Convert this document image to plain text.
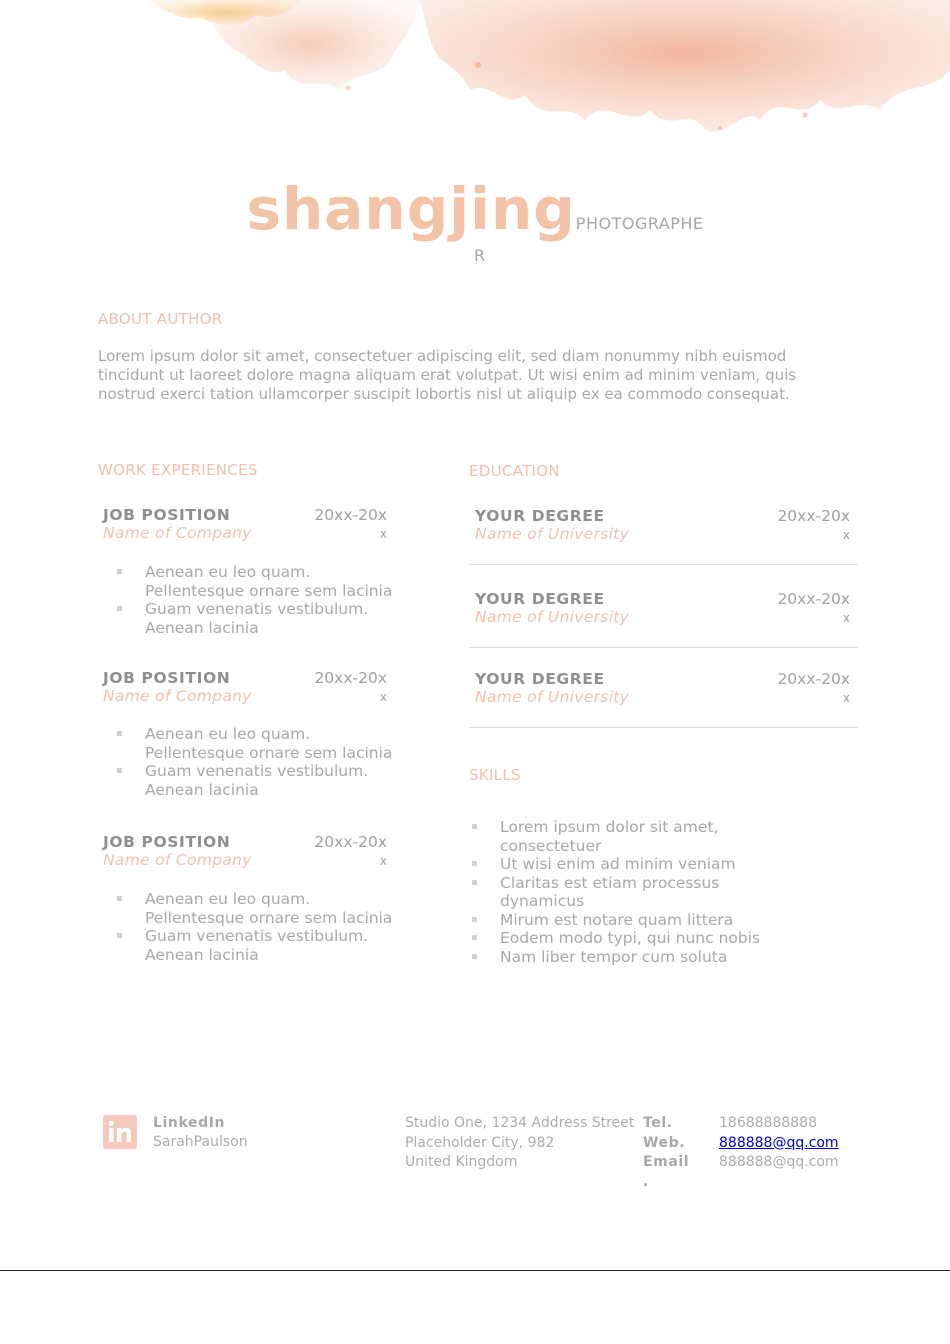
shangjingPHOTOGRAPHE
R
ABOUT AUTHOR
Lorem ipsum dolor sit amet, consectetuer adipiscing elit, sed diam nonummy nibh euismod
tincidunt ut laoreet dolore magna aliquam erat volutpat. Ut wisi enim ad minim veniam, quis
nostrud exerci tation ullamcorper suscipit lobortis nisl ut aliquip ex ea commodo consequat.
WORK EXPERIENCES
JOB POSITION
Name of Company
20xx-20x
x
Aenean eu leo quam. Pellentesque ornare sem lacinia
Guam venenatis vestibulum. Aenean lacinia
JOB POSITION
Name of Company
20xx-20x
x
Aenean eu leo quam. Pellentesque ornare sem lacinia
Guam venenatis vestibulum. Aenean lacinia
JOB POSITION
Name of Company
20xx-20x
x
Aenean eu leo quam. Pellentesque ornare sem lacinia
Guam venenatis vestibulum. Aenean lacinia
EDUCATION
YOUR DEGREE
Name of University
20xx-20x
x
YOUR DEGREE
Name of University
20xx-20x
x
YOUR DEGREE
Name of University
20xx-20x
x
SKILLS
Lorem ipsum dolor sit amet, consectetuer
Ut wisi enim ad minim veniam
Claritas est etiam processus dynamicus
Mirum est notare quam littera
Eodem modo typi, qui nunc nobis
Nam liber tempor cum soluta
LinkedIn
SarahPaulson
Studio One, 1234 Address Street
Placeholder City, 982
United Kingdom
Tel.
Web.
Email
.
18688888888
888888@qq.com
888888@qq.com
